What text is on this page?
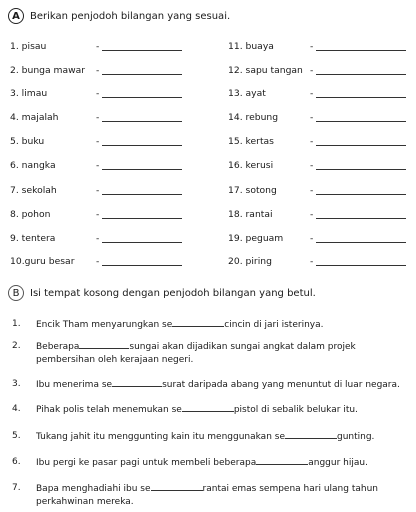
A	Berikan penjodoh bilangan yang sesuai.
B	Isi tempat kosong dengan penjodoh bilangan yang betul.
1. pisau	-
2. bunga mawar	-
3. limau	-
4. majalah	-
5. buku	-
6. nangka	-
7. sekolah	-
8. pohon	-
9. tentera	-
10.guru besar	-
11. buaya	-
12. sapu tangan -
13. ayat	-
14. rebung	-
15. kertas	-
16. kerusi	-
17. sotong	-
18. rantai	-
19. peguam	-
20. piring	-
1.	Encik Tham menyarungkan se	cincin di jari isterinya.
2.	Beberapa	sungai akan dijadikan sungai angkat dalam projek
pembersihan oleh kerajaan negeri.
3.	Ibu menerima se	surat daripada abang yang menuntut di luar negara.
4.	Pihak polis telah menemukan se	pistol di sebalik belukar itu.
5.	Tukang jahit itu menggunting kain itu menggunakan se	gunting.
6.	Ibu pergi ke pasar pagi untuk membeli beberapa	anggur hijau.
7.	Bapa menghadiahi ibu se	rantai emas sempena hari ulang tahun
perkahwinan mereka.
